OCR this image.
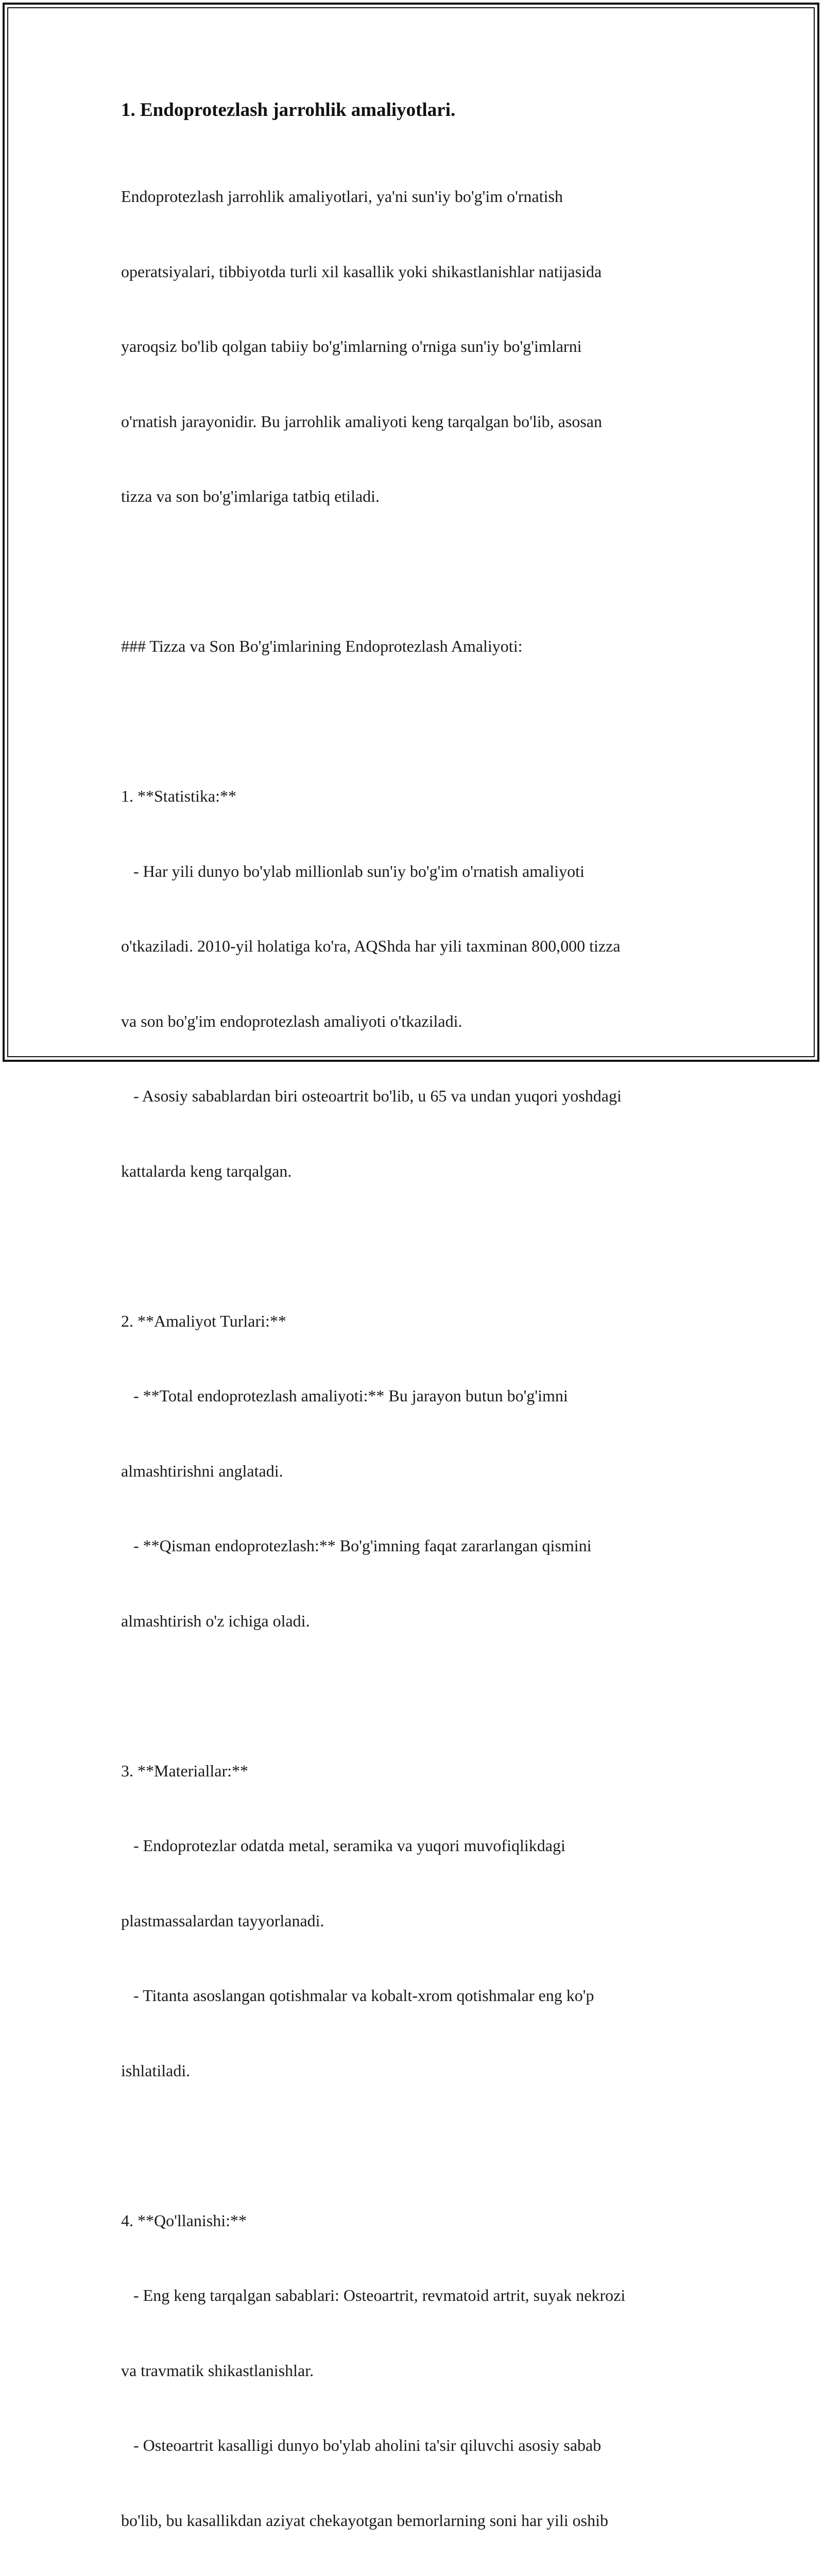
1. Endoprotezlash jarrohlik amaliyotlari.

Endoprotezlash jarrohlik amaliyotlari, ya'ni sun'iy bo'g'im o'rnatish

operatsiyalari, tibbiyotda turli xil kasallik yoki shikastlanishlar natijasida

yaroqsiz bo'lib qolgan tabiiy bo'g'imlarning o'rniga sun'iy bo'g'imlarni

o'rnatish jarayonidir. Bu jarrohlik amaliyoti keng tarqalgan bo'lib, asosan

tizza va son bo'g'imlariga tatbiq etiladi.

### Tizza va Son Bo'g'imlarining Endoprotezlash Amaliyoti:

1. **Statistika:**

- Har yili dunyo bo'ylab millionlab sun'iy bo'g'im o'rnatish amaliyoti

o'tkaziladi. 2010-yil holatiga ko'ra, AQShda har yili taxminan 800,000 tizza

va son bo'g'im endoprotezlash amaliyoti o'tkaziladi.

- Asosiy sabablardan biri osteoartrit bo'lib, u 65 va undan yuqori yoshdagi

kattalarda keng tarqalgan.

2. **Amaliyot Turlari:**

- **Total endoprotezlash amaliyoti:** Bu jarayon butun bo'g'imni

almashtirishni anglatadi.

- **Qisman endoprotezlash:** Bo'g'imning faqat zararlangan qismini

almashtirish o'z ichiga oladi.

3. **Materiallar:**

- Endoprotezlar odatda metal, seramika va yuqori muvofiqlikdagi

plastmassalardan tayyorlanadi.

- Titanta asoslangan qotishmalar va kobalt-xrom qotishmalar eng ko'p

ishlatiladi.

4. **Qo'llanishi:**

- Eng keng tarqalgan sabablari: Osteoartrit, revmatoid artrit, suyak nekrozi

va travmatik shikastlanishlar.

- Osteoartrit kasalligi dunyo bo'ylab aholini ta'sir qiluvchi asosiy sabab

bo'lib, bu kasallikdan aziyat chekayotgan bemorlarning soni har yili oshib
